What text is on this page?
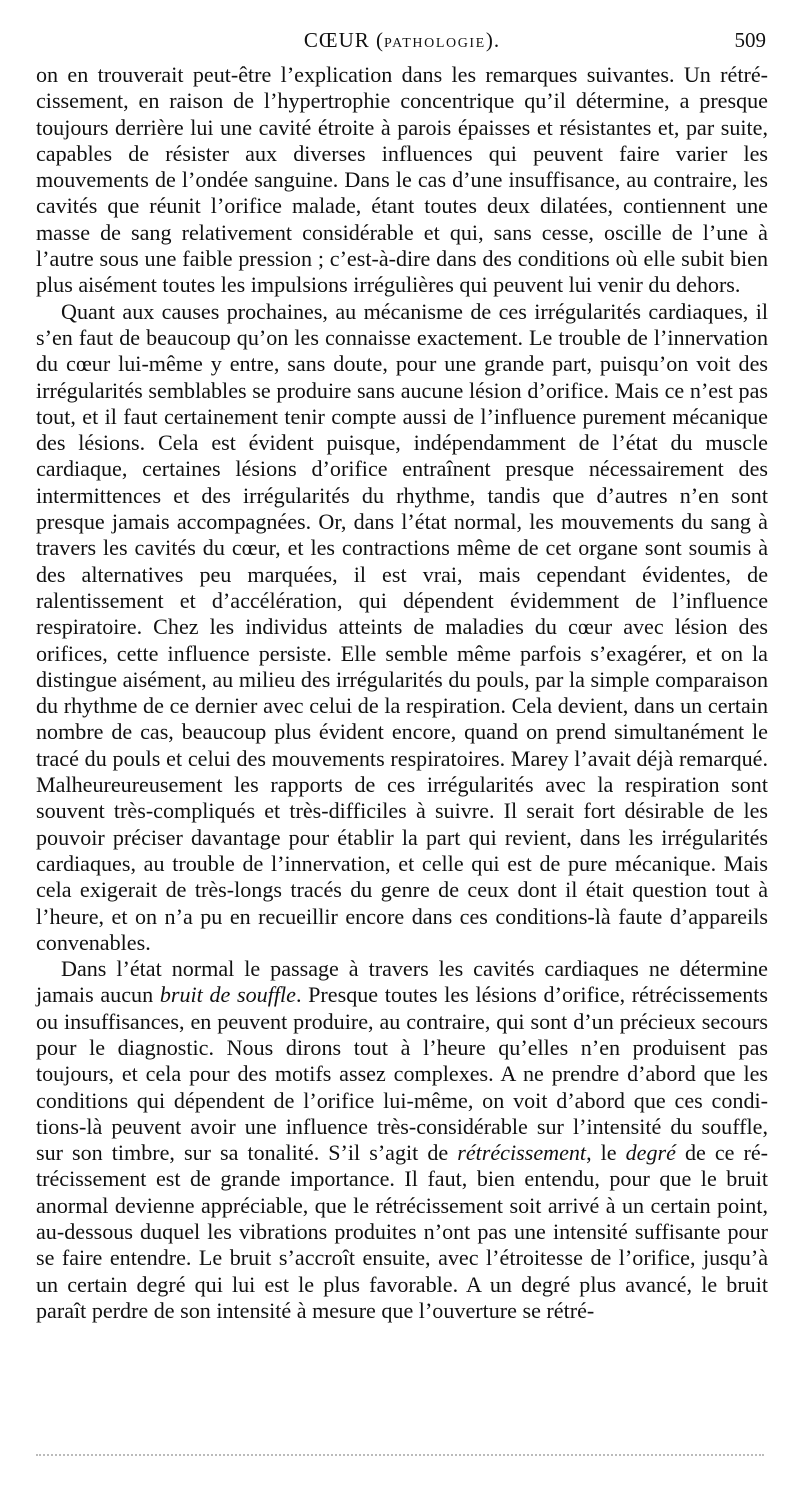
CŒUR (PATHOLOGIE).	509

on en trouverait peut-être l’explication dans les remarques suivantes. Un rétrécissement, en raison de l’hypertrophie concentrique qu’il détermine, a presque toujours derrière lui une cavité étroite à parois épaisses et résistantes et, par suite, capables de résister aux diverses influences qui peuvent faire varier les mouvements de l’ondée sanguine. Dans le cas d’une insuffisance, au contraire, les cavités que réunit l’orifice malade, étant toutes deux dilatées, contiennent une masse de sang relativement considérable et qui, sans cesse, oscille de l’une à l’autre sous une faible pression ; c’est-à-dire dans des conditions où elle subit bien plus aisément toutes les impulsions irrégulières qui peuvent lui venir du dehors.

Quant aux causes prochaines, au mécanisme de ces irrégularités cardiaques, il s’en faut de beaucoup qu’on les connaisse exactement. Le trouble de l’innervation du cœur lui-même y entre, sans doute, pour une grande part, puisqu’on voit des irrégularités semblables se produire sans aucune lésion d’orifice. Mais ce n’est pas tout, et il faut certainement tenir compte aussi de l’influence purement mécanique des lésions. Cela est évident puisque, indépendamment de l’état du muscle cardiaque, certaines lésions d’orifice entraînent presque nécessairement des intermittences et des irrégularités du rhythme, tandis que d’autres n’en sont presque jamais accompagnées. Or, dans l’état normal, les mouvements du sang à travers les cavités du cœur, et les contractions même de cet organe sont soumis à des alternatives peu marquées, il est vrai, mais cependant évidentes, de ralentissement et d’accélération, qui dépendent évidemment de l’influence respiratoire. Chez les individus atteints de maladies du cœur avec lésion des orifices, cette influence persiste. Elle semble même parfois s’exagérer, et on la distingue aisément, au milieu des irrégularités du pouls, par la simple comparaison du rhythme de ce dernier avec celui de la respiration. Cela devient, dans un certain nombre de cas, beaucoup plus évident encore, quand on prend simultanément le tracé du pouls et celui des mouvements respiratoires. Marey l’avait déjà remarqué. Malheureureusement les rapports de ces irrégularités avec la respiration sont souvent très-compliqués et très-difficiles à suivre. Il serait fort désirable de les pouvoir préciser davantage pour établir la part qui revient, dans les irrégularités cardiaques, au trouble de l’innervation, et celle qui est de pure mécanique. Mais cela exigerait de très-longs tracés du genre de ceux dont il était question tout à l’heure, et on n’a pu en recueillir encore dans ces conditions-là faute d’appareils convenables.

Dans l’état normal le passage à travers les cavités cardiaques ne détermine jamais aucun bruit de souffle. Presque toutes les lésions d’orifice, rétrécissements ou insuffisances, en peuvent produire, au contraire, qui sont d’un précieux secours pour le diagnostic. Nous dirons tout à l’heure qu’elles n’en produisent pas toujours, et cela pour des motifs assez complexes. A ne prendre d’abord que les conditions qui dépendent de l’orifice lui-même, on voit d’abord que ces conditions-là peuvent avoir une influence très-considérable sur l’intensité du souffle, sur son timbre, sur sa tonalité. S’il s’agit de rétrécissement, le degré de ce rétrécissement est de grande importance. Il faut, bien entendu, pour que le bruit anormal devienne appréciable, que le rétrécissement soit arrivé à un certain point, au-dessous duquel les vibrations produites n’ont pas une intensité suffisante pour se faire entendre. Le bruit s’accroît ensuite, avec l’étroitesse de l’orifice, jusqu’à un certain degré qui lui est le plus favorable. A un degré plus avancé, le bruit paraît perdre de son intensité à mesure que l’ouverture se rétré-
